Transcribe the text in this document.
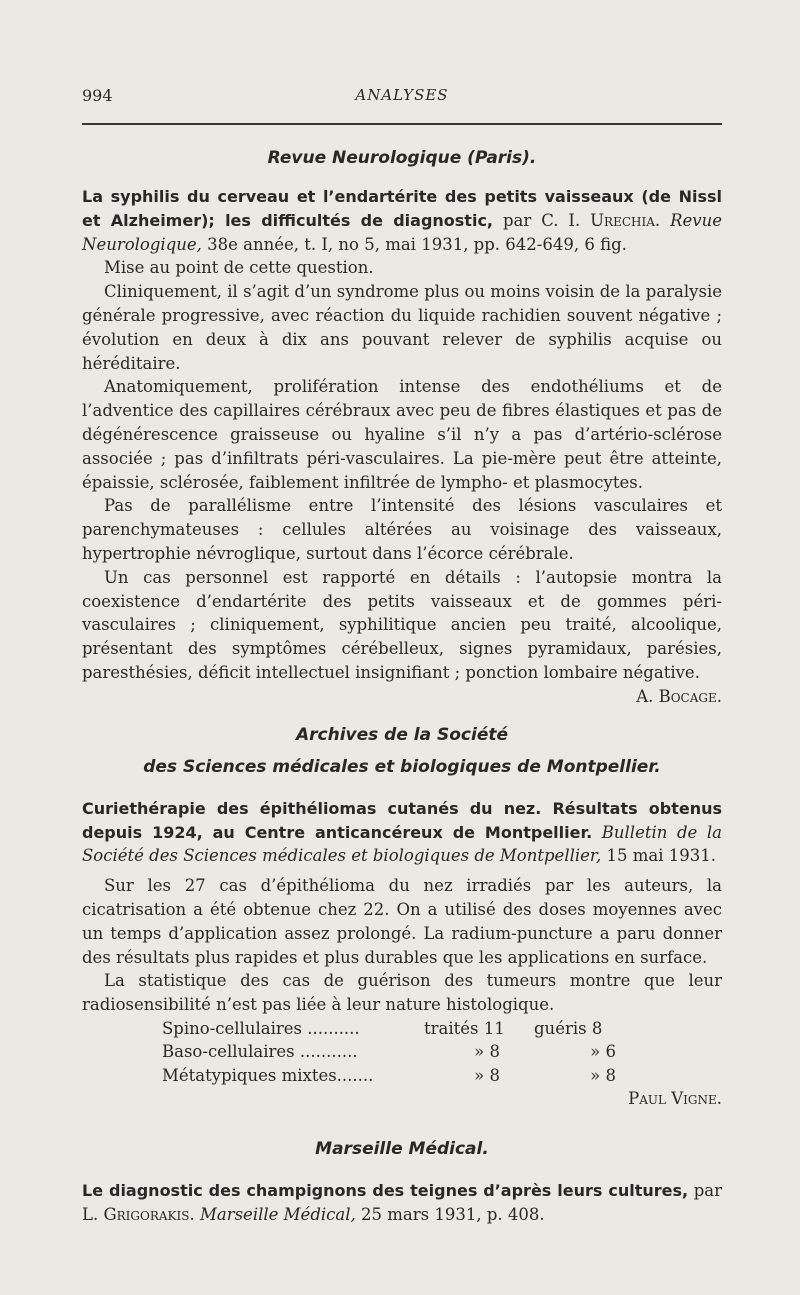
994	ANALYSES

Revue Neurologique (Paris).

La syphilis du cerveau et l’endartérite des petits vaisseaux (de Nissl et Alzheimer); les difficultés de diagnostic, par C. I. Urechia. Revue Neurologique, 38e année, t. I, no 5, mai 1931, pp. 642-649, 6 fig.

Mise au point de cette question.

Cliniquement, il s’agit d’un syndrome plus ou moins voisin de la paralysie générale progressive, avec réaction du liquide rachidien souvent négative ; évolution en deux à dix ans pouvant relever de syphilis acquise ou héréditaire.

Anatomiquement, prolifération intense des endothéliums et de l’adventice des capillaires cérébraux avec peu de fibres élastiques et pas de dégénérescence graisseuse ou hyaline s’il n’y a pas d’artério-sclérose associée ; pas d’infiltrats péri-vasculaires. La pie-mère peut être atteinte, épaissie, sclérosée, faiblement infiltrée de lympho- et plasmocytes.

Pas de parallélisme entre l’intensité des lésions vasculaires et parenchymateuses : cellules altérées au voisinage des vaisseaux, hypertrophie névroglique, surtout dans l’écorce cérébrale.

Un cas personnel est rapporté en détails : l’autopsie montra la coexistence d’endartérite des petits vaisseaux et de gommes péri-vasculaires ; cliniquement, syphilitique ancien peu traité, alcoolique, présentant des symptômes cérébelleux, signes pyramidaux, parésies, paresthésies, déficit intellectuel insignifiant ; ponction lombaire négative.

A. Bocage.

Archives de la Société

des Sciences médicales et biologiques de Montpellier.

Curiethérapie des épithéliomas cutanés du nez. Résultats obtenus depuis 1924, au Centre anticancéreux de Montpellier. Bulletin de la Société des Sciences médicales et biologiques de Montpellier, 15 mai 1931.

Sur les 27 cas d’épithélioma du nez irradiés par les auteurs, la cicatrisation a été obtenue chez 22. On a utilisé des doses moyennes avec un temps d’application assez prolongé. La radium-puncture a paru donner des résultats plus rapides et plus durables que les applications en surface.

La statistique des cas de guérison des tumeurs montre que leur radiosensibilité n’est pas liée à leur nature histologique.

Spino-cellulaires ..........	traités 11	guéris 8
Baso-cellulaires ...........	» 8	» 6
Métatypiques mixtes.......	» 8	» 8

Paul Vigne.

Marseille Médical.

Le diagnostic des champignons des teignes d’après leurs cultures, par L. Grigorakis. Marseille Médical, 25 mars 1931, p. 408.
